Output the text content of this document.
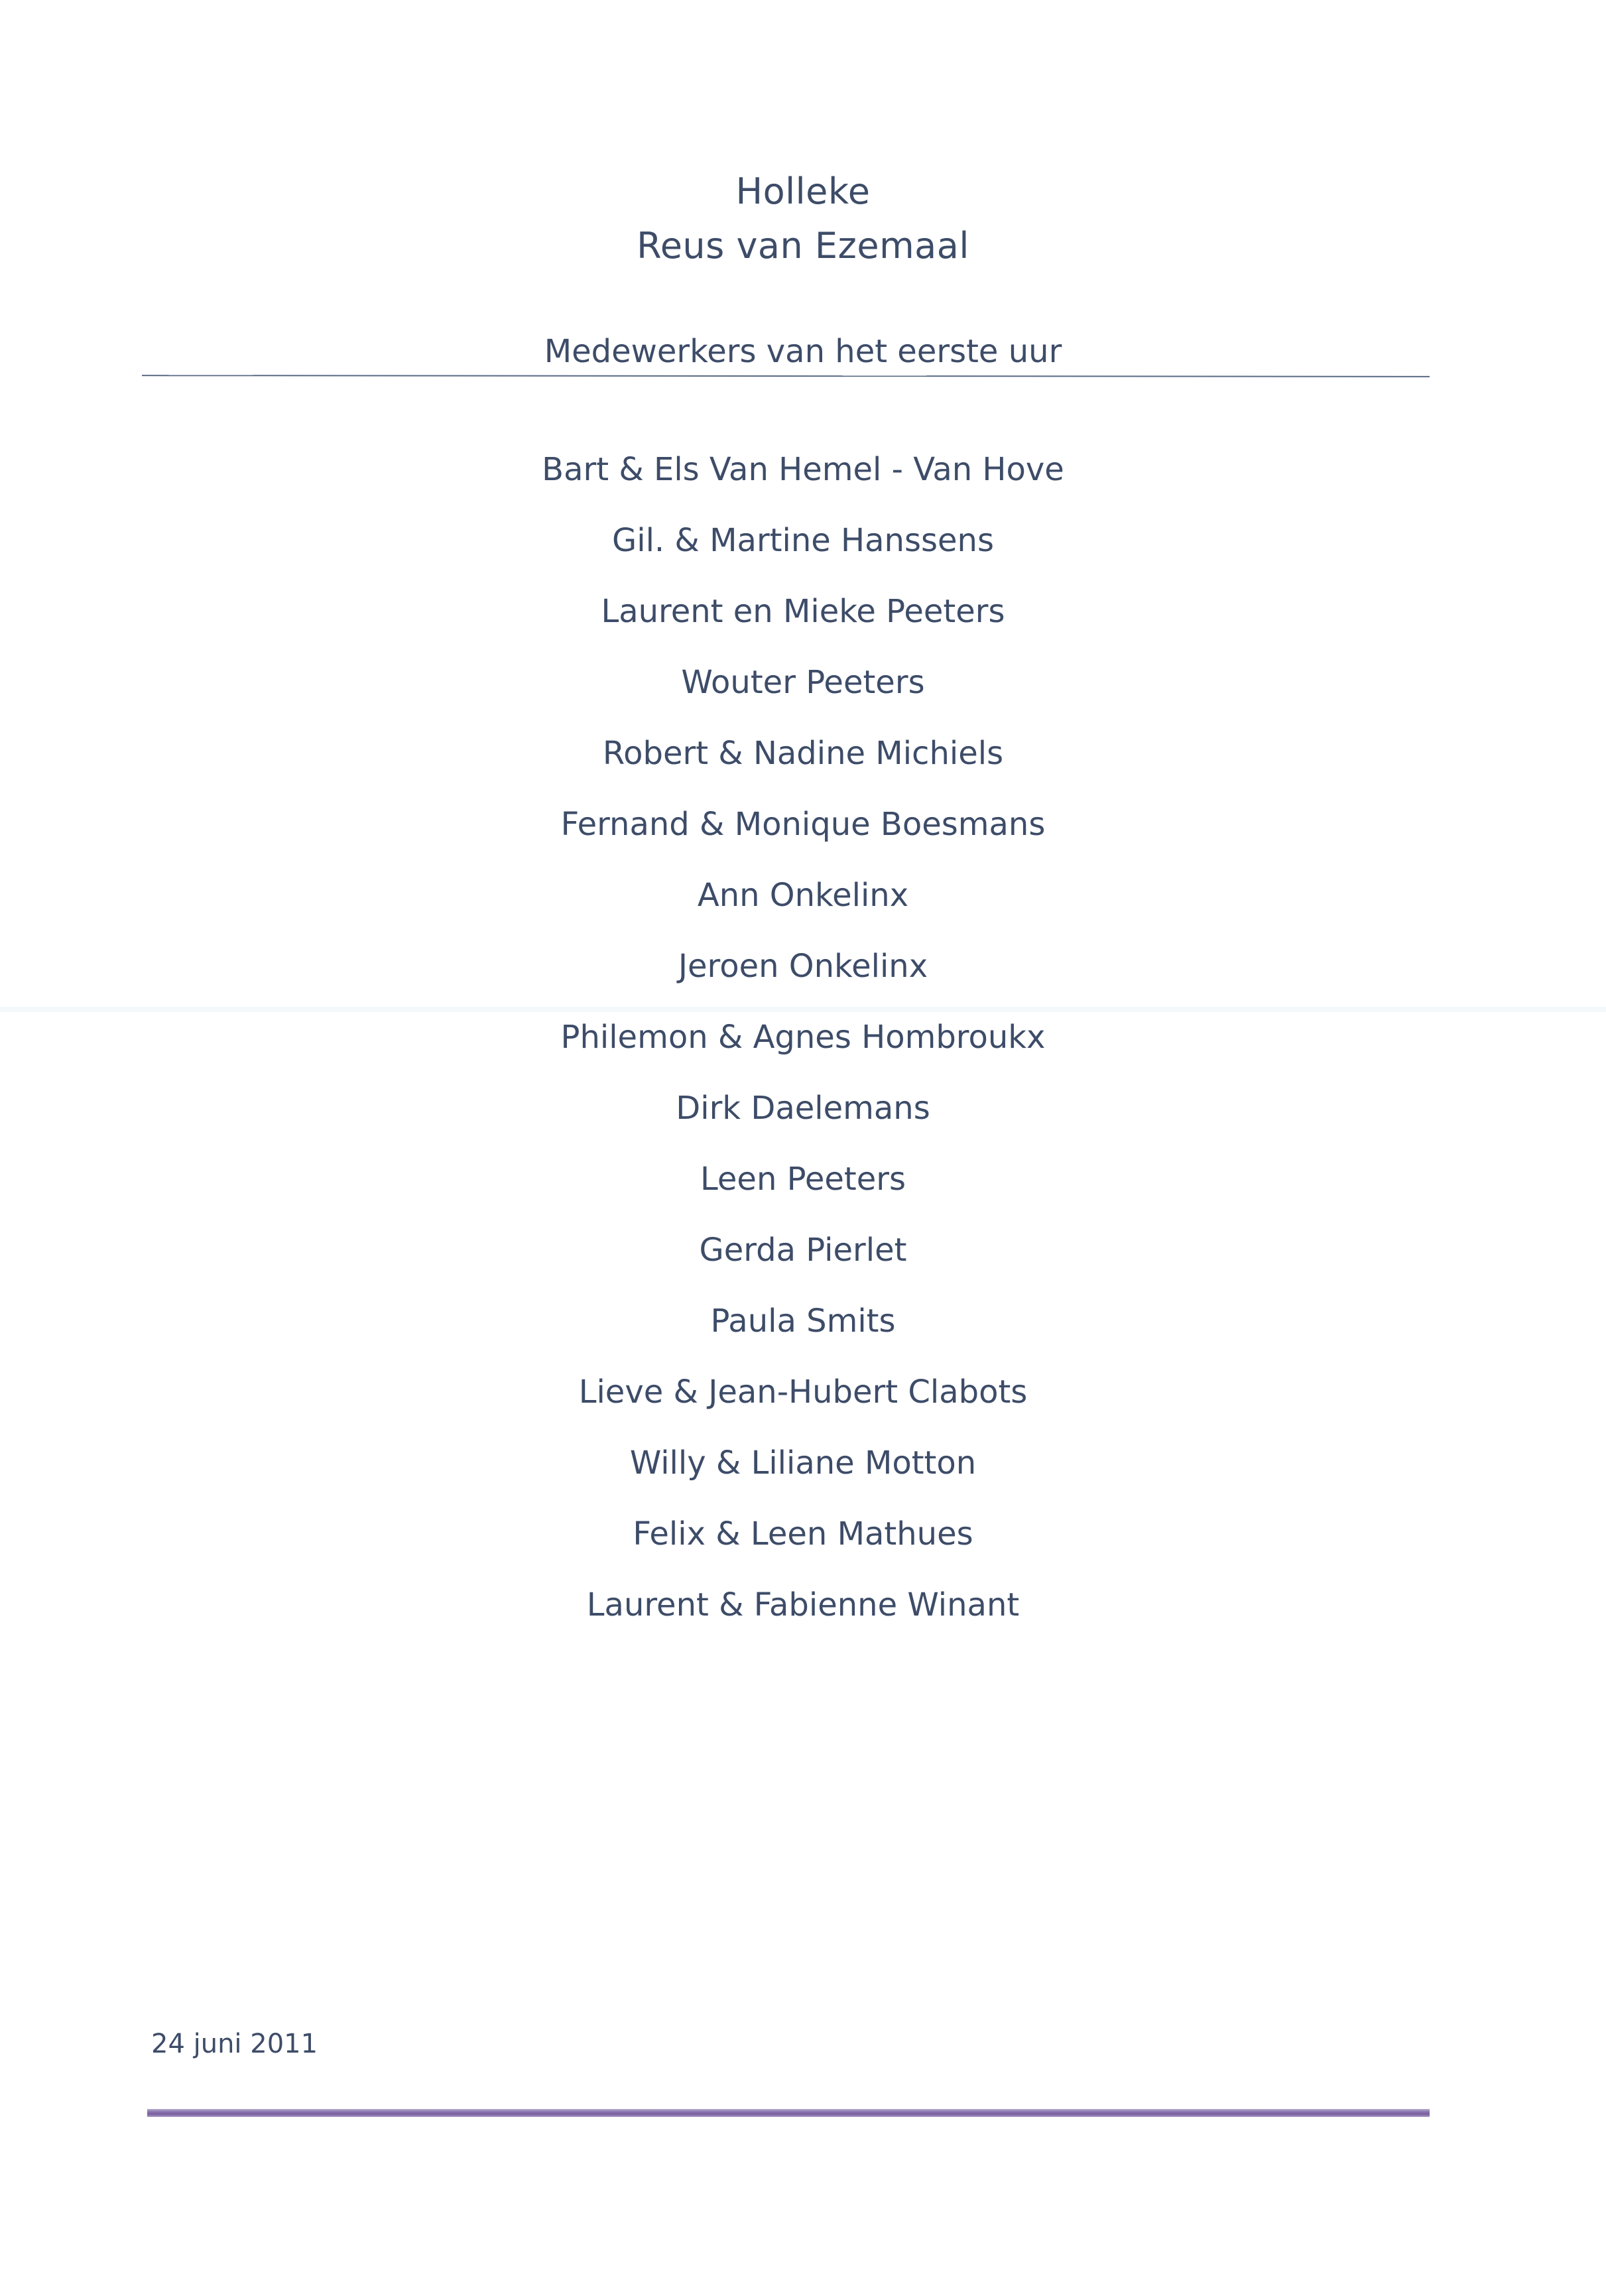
Holleke
Reus van Ezemaal
Medewerkers van het eerste uur
Bart & Els Van Hemel - Van Hove
Gil. & Martine Hanssens
Laurent en Mieke Peeters
Wouter Peeters
Robert & Nadine Michiels
Fernand & Monique Boesmans
Ann Onkelinx
Jeroen Onkelinx
Philemon & Agnes Hombroukx
Dirk Daelemans
Leen Peeters
Gerda Pierlet
Paula Smits
Lieve & Jean-Hubert Clabots
Willy & Liliane Motton
Felix & Leen Mathues
Laurent & Fabienne Winant
24 juni 2011
